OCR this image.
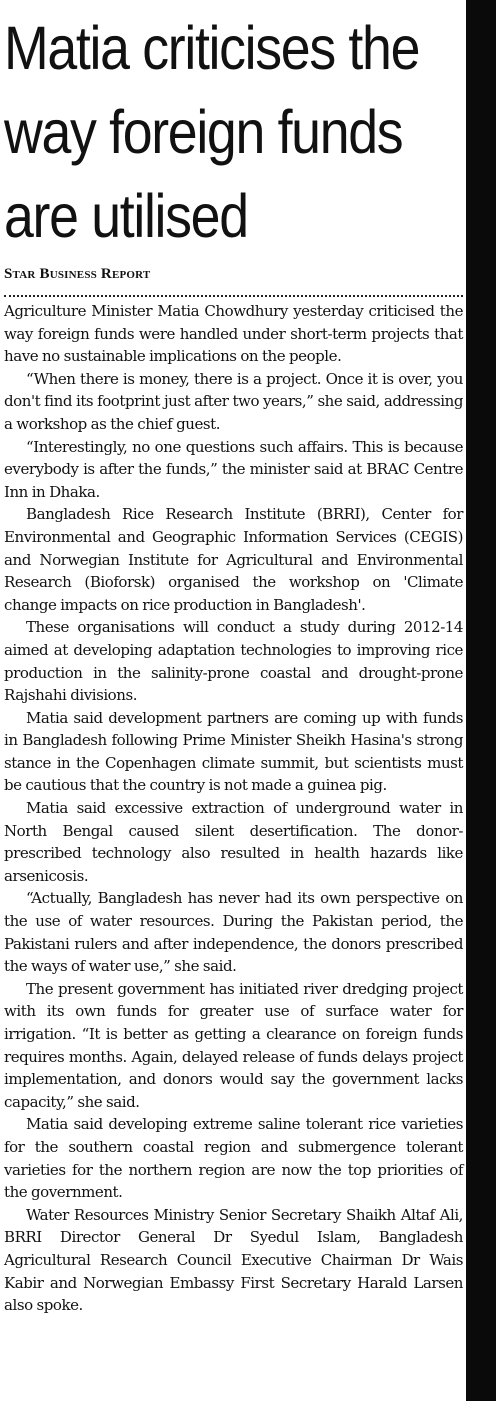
Matia criticises the way foreign funds are utilised
Star Business Report

Agriculture Minister Matia Chowdhury yesterday criticised the way foreign funds were handled under short-term projects that have no sustainable implications on the people.

“When there is money, there is a project. Once it is over, you don't find its footprint just after two years,” she said, addressing a workshop as the chief guest.

“Interestingly, no one questions such affairs. This is because everybody is after the funds,” the minister said at BRAC Centre Inn in Dhaka.

Bangladesh Rice Research Institute (BRRI), Center for Environmental and Geographic Information Services (CEGIS) and Norwegian Institute for Agricultural and Environmental Research (Bioforsk) organised the workshop on 'Climate change impacts on rice production in Bangladesh'.

These organisations will conduct a study during 2012-14 aimed at developing adaptation technologies to improving rice production in the salinity-prone coastal and drought-prone Rajshahi divisions.

Matia said development partners are coming up with funds in Bangladesh following Prime Minister Sheikh Hasina's strong stance in the Copenhagen climate summit, but scientists must be cautious that the country is not made a guinea pig.

Matia said excessive extraction of underground water in North Bengal caused silent desertification. The donor-prescribed technology also resulted in health hazards like arsenicosis.

“Actually, Bangladesh has never had its own perspective on the use of water resources. During the Pakistan period, the Pakistani rulers and after independence, the donors prescribed the ways of water use,” she said.

The present government has initiated river dredging project with its own funds for greater use of surface water for irrigation. “It is better as getting a clearance on foreign funds requires months. Again, delayed release of funds delays project implementation, and donors would say the government lacks capacity,” she said.

Matia said developing extreme saline tolerant rice varieties for the southern coastal region and submergence tolerant varieties for the northern region are now the top priorities of the government.

Water Resources Ministry Senior Secretary Shaikh Altaf Ali, BRRI Director General Dr Syedul Islam, Bangladesh Agricultural Research Council Executive Chairman Dr Wais Kabir and Norwegian Embassy First Secretary Harald Larsen also spoke.
